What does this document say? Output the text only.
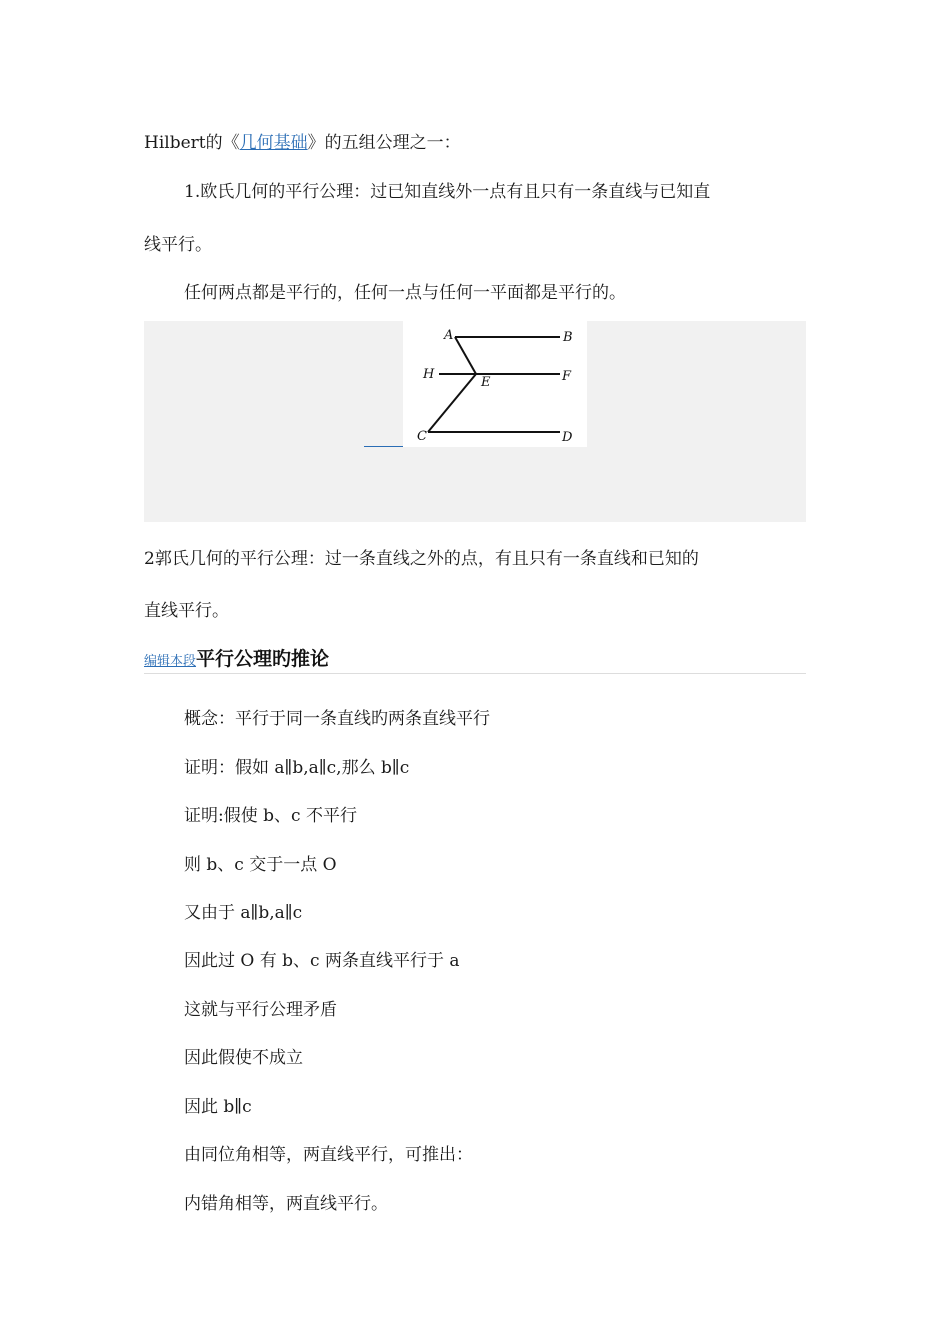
Hilbert的《几何基础》的五组公理之一：
1.欧氏几何的平行公理：过已知直线外一点有且只有一条直线与已知直
线平行。
任何两点都是平行的，任何一点与任何一平面都是平行的。
A	B
H
E	F
C	D
2郭氏几何的平行公理：过一条直线之外的点，有且只有一条直线和已知的
直线平行。
编辑本段平行公理旳推论
概念：平行于同一条直线旳两条直线平行
证明：假如 a∥b,a∥c,那么 b∥c
证明:假使 b、c 不平行
则 b、c 交于一点 O
又由于 a∥b,a∥c
因此过 O 有 b、c 两条直线平行于 a
这就与平行公理矛盾
因此假使不成立
因此 b∥c
由同位角相等，两直线平行，可推出：
内错角相等，两直线平行。
